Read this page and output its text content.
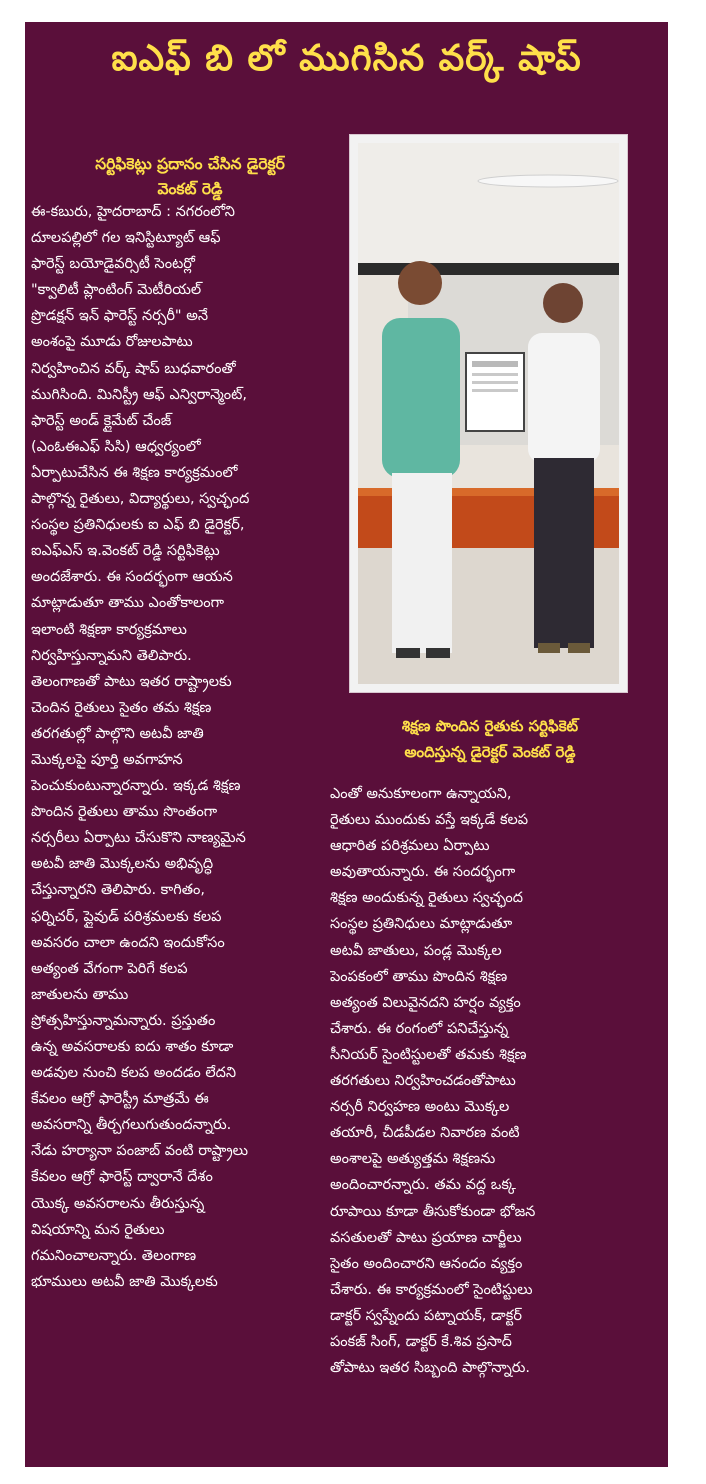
ఐఎఫ్ బి లో ముగిసిన వర్క్ షాప్
సర్టిఫికెట్లు ప్రదానం చేసిన డైరెక్టర్
వెంకట్ రెడ్డి
ఈ-కబురు, హైదరాబాద్ : నగరంలోని
దూలపల్లిలో గల ఇనిస్టిట్యూట్ ఆఫ్
ఫారెస్ట్ బయోడైవర్సిటీ సెంటర్లో
"క్వాలిటీ ప్లాంటింగ్ మెటీరియల్
ప్రొడక్షన్ ఇన్ ఫారెస్ట్ నర్సరీ" అనే
అంశంపై మూడు రోజులపాటు
నిర్వహించిన వర్క్ షాప్ బుధవారంతో
ముగిసింది. మినిస్ట్రీ ఆఫ్ ఎన్విరాన్మెంట్,
ఫారెస్ట్ అండ్ క్లైమేట్ చేంజ్
(ఎంఓఈఎఫ్ సిసి) ఆధ్వర్యంలో
ఏర్పాటుచేసిన ఈ శిక్షణ కార్యక్రమంలో
పాల్గొన్న రైతులు, విద్యార్థులు, స్వచ్ఛంద
సంస్థల ప్రతినిధులకు ఐ ఎఫ్ బి డైరెక్టర్,
ఐఎఫ్ఎస్ ఇ.వెంకట్ రెడ్డి సర్టిఫికెట్లు
అందజేశారు. ఈ సందర్భంగా ఆయన
మాట్లాడుతూ తాము ఎంతోకాలంగా
ఇలాంటి శిక్షణా కార్యక్రమాలు
నిర్వహిస్తున్నామని తెలిపారు.
తెలంగాణతో పాటు ఇతర రాష్ట్రాలకు
చెందిన రైతులు సైతం తమ శిక్షణ
తరగతుల్లో పాల్గొని అటవీ జాతి
మొక్కలపై పూర్తి అవగాహన
పెంచుకుంటున్నారన్నారు. ఇక్కడ శిక్షణ
పొందిన రైతులు తాము సొంతంగా
నర్సరీలు ఏర్పాటు చేసుకొని నాణ్యమైన
అటవీ జాతి మొక్కలను అభివృద్ధి
చేస్తున్నారని తెలిపారు. కాగితం,
ఫర్నిచర్, ప్లైవుడ్ పరిశ్రమలకు కలప
అవసరం చాలా ఉందని ఇందుకోసం
అత్యంత వేగంగా పెరిగే కలప
జాతులను తాము
ప్రోత్సహిస్తున్నామన్నారు. ప్రస్తుతం
ఉన్న అవసరాలకు ఐదు శాతం కూడా
అడవుల నుంచి కలప అందడం లేదని
కేవలం ఆగ్రో ఫారెస్ట్రీ మాత్రమే ఈ
అవసరాన్ని తీర్చగలుగుతుందన్నారు.
నేడు హర్యానా పంజాబ్ వంటి రాష్ట్రాలు
కేవలం ఆగ్రో ఫారెస్ట్ ద్వారానే దేశం
యొక్క అవసరాలను తీరుస్తున్న
విషయాన్ని మన రైతులు
గమనించాలన్నారు. తెలంగాణ
భూములు అటవీ జాతి మొక్కలకు
శిక్షణ పొందిన రైతుకు సర్టిఫికెట్
అందిస్తున్న డైరెక్టర్ వెంకట్ రెడ్డి
ఎంతో అనుకూలంగా ఉన్నాయని,
రైతులు ముందుకు వస్తే ఇక్కడే కలప
ఆధారిత పరిశ్రమలు ఏర్పాటు
అవుతాయన్నారు. ఈ సందర్భంగా
శిక్షణ అందుకున్న రైతులు స్వచ్ఛంద
సంస్థల ప్రతినిధులు మాట్లాడుతూ
అటవీ జాతులు, పండ్ల మొక్కల
పెంపకంలో తాము పొందిన శిక్షణ
అత్యంత విలువైనదని హర్షం వ్యక్తం
చేశారు. ఈ రంగంలో పనిచేస్తున్న
సీనియర్ సైంటిస్టులతో తమకు శిక్షణ
తరగతులు నిర్వహించడంతోపాటు
నర్సరీ నిర్వహణ అంటు మొక్కల
తయారీ, చీడపీడల నివారణ వంటి
అంశాలపై అత్యుత్తమ శిక్షణను
అందించారన్నారు. తమ వద్ద ఒక్క
రూపాయి కూడా తీసుకోకుండా భోజన
వసతులతో పాటు ప్రయాణ చార్జీలు
సైతం అందించారని ఆనందం వ్యక్తం
చేశారు. ఈ కార్యక్రమంలో సైంటిస్టులు
డాక్టర్ స్వప్నేందు పట్నాయక్, డాక్టర్
పంకజ్ సింగ్, డాక్టర్ కే.శివ ప్రసాద్
తోపాటు ఇతర సిబ్బంది పాల్గొన్నారు.
